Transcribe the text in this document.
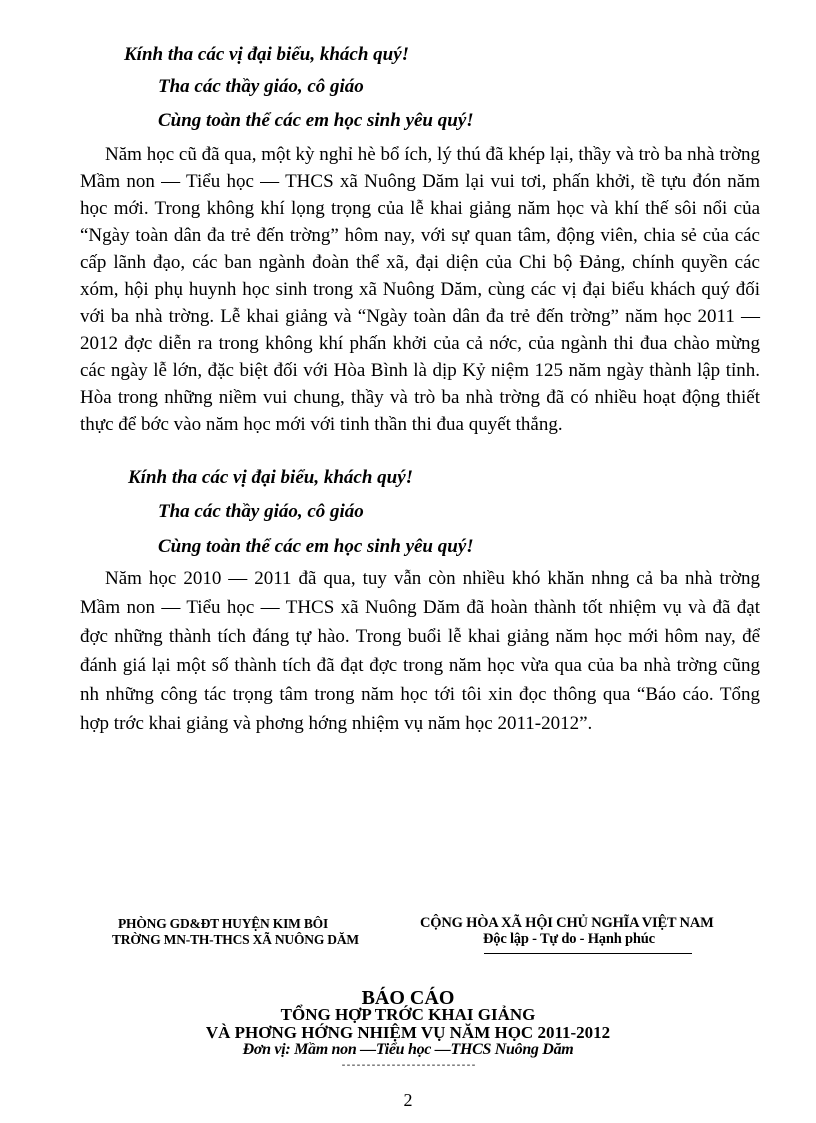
Kính tha các vị đại biểu, khách quý!
Tha các thầy giáo, cô giáo
Cùng toàn thể các em học sinh yêu quý!

Năm học cũ đã qua, một kỳ nghỉ hè bổ ích, lý thú đã khép lại, thầy và trò ba nhà trờng Mầm non — Tiểu học — THCS xã Nuông Dăm lại vui tơi, phấn khởi, tề tựu đón năm học mới. Trong không khí lọng trọng của lễ khai giảng năm học và khí thế sôi nổi của “Ngày toàn dân đa trẻ đến trờng” hôm nay, với sự quan tâm, động viên, chia sẻ của các cấp lãnh đạo, các ban ngành đoàn thể xã, đại diện của Chi bộ Đảng, chính quyền các xóm, hội phụ huynh học sinh trong xã Nuông Dăm, cùng các vị đại biểu khách quý đối với ba nhà trờng. Lễ khai giảng và “Ngày toàn dân đa trẻ đến trờng” năm học 2011 — 2012 đợc diễn ra trong không khí phấn khởi của cả nớc, của ngành thi đua chào mừng các ngày lễ lớn, đặc biệt đối với Hòa Bình là dịp Kỷ niệm 125 năm ngày thành lập tỉnh. Hòa trong những niềm vui chung, thầy và trò ba nhà trờng đã có nhiều hoạt động thiết thực để bớc vào năm học mới với tinh thần thi đua quyết thắng.

Kính tha các vị đại biểu, khách quý!
Tha các thầy giáo, cô giáo
Cùng toàn thể các em học sinh yêu quý!

Năm học 2010 — 2011 đã qua, tuy vẫn còn nhiều khó khăn nhng cả ba nhà trờng Mầm non — Tiểu học — THCS xã Nuông Dăm đã hoàn thành tốt nhiệm vụ và đã đạt đợc những thành tích đáng tự hào. Trong buổi lễ khai giảng năm học mới hôm nay, để đánh giá lại một số thành tích đã đạt đợc trong năm học vừa qua của ba nhà trờng cũng nh những công tác trọng tâm trong năm học tới tôi xin đọc thông qua “Báo cáo. Tổng hợp trớc khai giảng và phơng hớng nhiệm vụ năm học 2011-2012”.

PHÒNG GD&ĐT HUYỆN KIM BÔI
TRỜNG MN-TH-THCS XÃ NUÔNG DĂM
CỘNG HÒA XÃ HỘI CHỦ NGHĨA VIỆT NAM
Độc lập - Tự do - Hạnh phúc
BÁO CÁO
TỔNG HỢP TRỚC KHAI GIẢNG
VÀ PHƠNG HỚNG NHIỆM VỤ NĂM HỌC 2011-2012
Đơn vị: Mầm non —Tiểu học —THCS Nuông Dăm
---------------------------
2
